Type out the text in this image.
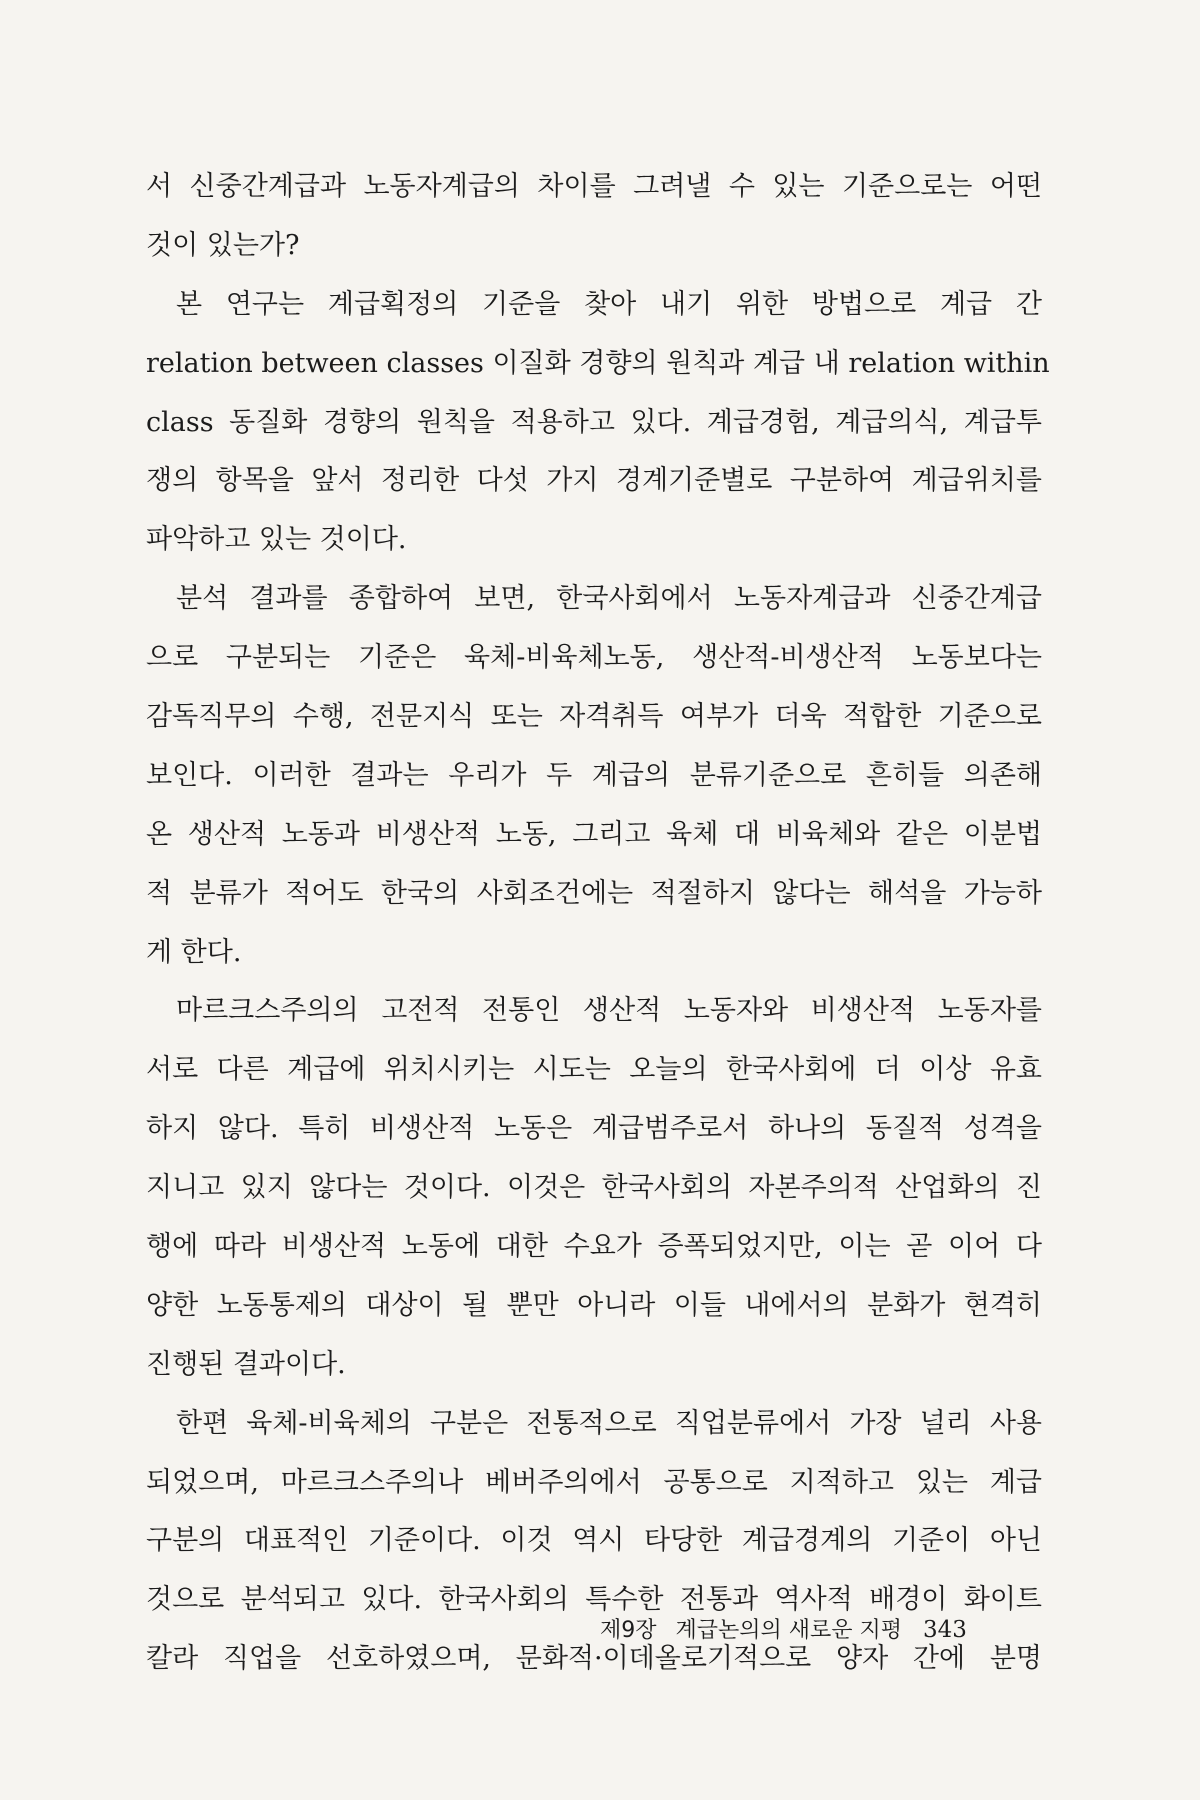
서 신중간계급과 노동자계급의 차이를 그려낼 수 있는 기준으로는 어떤
것이 있는가?
본 연구는 계급획정의 기준을 찾아 내기 위한 방법으로 계급 간
relation between classes 이질화 경향의 원칙과 계급 내 relation within
class 동질화 경향의 원칙을 적용하고 있다. 계급경험, 계급의식, 계급투
쟁의 항목을 앞서 정리한 다섯 가지 경계기준별로 구분하여 계급위치를
파악하고 있는 것이다.
분석 결과를 종합하여 보면, 한국사회에서 노동자계급과 신중간계급
으로 구분되는 기준은 육체-비육체노동, 생산적-비생산적 노동보다는
감독직무의 수행, 전문지식 또는 자격취득 여부가 더욱 적합한 기준으로
보인다. 이러한 결과는 우리가 두 계급의 분류기준으로 흔히들 의존해
온 생산적 노동과 비생산적 노동, 그리고 육체 대 비육체와 같은 이분법
적 분류가 적어도 한국의 사회조건에는 적절하지 않다는 해석을 가능하
게 한다.
마르크스주의의 고전적 전통인 생산적 노동자와 비생산적 노동자를
서로 다른 계급에 위치시키는 시도는 오늘의 한국사회에 더 이상 유효
하지 않다. 특히 비생산적 노동은 계급범주로서 하나의 동질적 성격을
지니고 있지 않다는 것이다. 이것은 한국사회의 자본주의적 산업화의 진
행에 따라 비생산적 노동에 대한 수요가 증폭되었지만, 이는 곧 이어 다
양한 노동통제의 대상이 될 뿐만 아니라 이들 내에서의 분화가 현격히
진행된 결과이다.
한편 육체-비육체의 구분은 전통적으로 직업분류에서 가장 널리 사용
되었으며, 마르크스주의나 베버주의에서 공통으로 지적하고 있는 계급
구분의 대표적인 기준이다. 이것 역시 타당한 계급경계의 기준이 아닌
것으로 분석되고 있다. 한국사회의 특수한 전통과 역사적 배경이 화이트
칼라 직업을 선호하였으며, 문화적·이데올로기적으로 양자 간에 분명
제9장 계급논의의 새로운 지평 343
